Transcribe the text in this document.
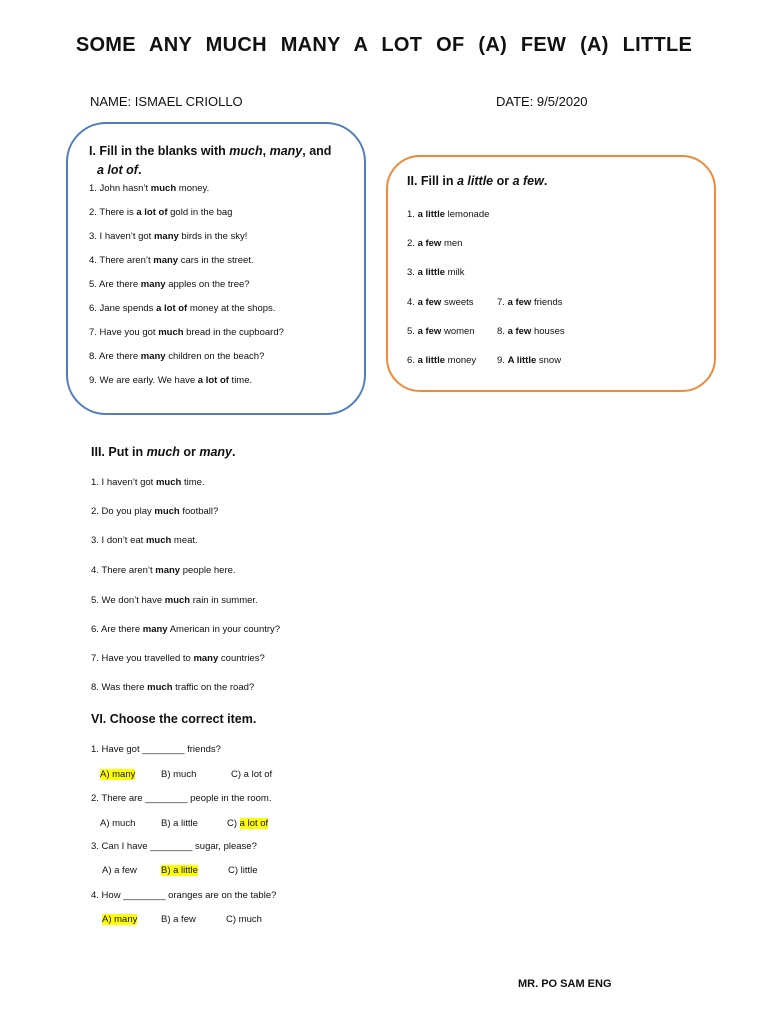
SOME ANY MUCH MANY A LOT OF (A) FEW (A) LITTLE
NAME: ISMAEL CRIOLLO	DATE: 9/5/2020
I. Fill in the blanks with much, many, and
a lot of.
1. John hasn’t much money.
2. There is a lot of gold in the bag
3. I haven’t got many birds in the sky!
4. There aren’t many cars in the street.
5. Are there many apples on the tree?
6. Jane spends a lot of money at the shops.
7. Have you got much bread in the cupboard?
8. Are there many children on the beach?
9. We are early. We have a lot of time.
II. Fill in a little or a few.
1. a little lemonade
2. a few men
3. a little milk
4. a few sweets 7. a few friends
5. a few women 8. a few houses
6. a little money 9. A little snow
III. Put in much or many.
1. I haven’t got much time.
2. Do you play much football?
3. I don’t eat much meat.
4. There aren’t many people here.
5. We don’t have much rain in summer.
6. Are there many American in your country?
7. Have you travelled to many countries?
8. Was there much traffic on the road?
VI. Choose the correct item.
1. Have got ________ friends?
A) many	B) much	C) a lot of
2. There are ________ people in the room.
A) much	B) a little	C) a lot of
3. Can I have ________ sugar, please?
A) a few	B) a little	C) little
4. How ________ oranges are on the table?
A) many B) a few	C) much
MR. PO SAM ENG
